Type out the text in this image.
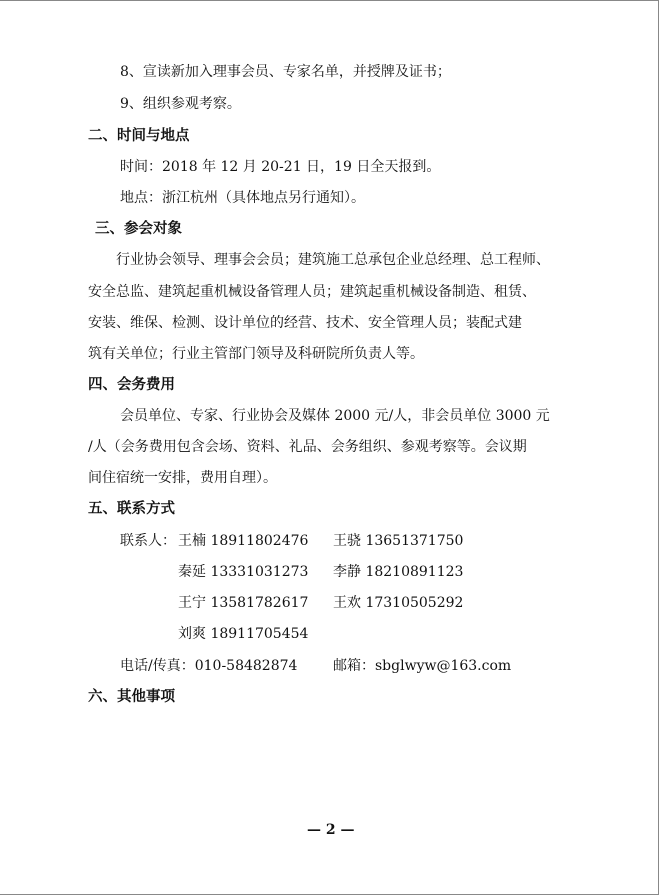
8、宣读新加入理事会员、专家名单，并授牌及证书；
9、组织参观考察。
二、时间与地点
时间：2018 年 12 月 20-21 日，19 日全天报到。
地点：浙江杭州（具体地点另行通知）。
三、参会对象
行业协会领导、理事会会员；建筑施工总承包企业总经理、总工程师、
安全总监、建筑起重机械设备管理人员；建筑起重机械设备制造、租赁、
安装、维保、检测、设计单位的经营、技术、安全管理人员；装配式建
筑有关单位；行业主管部门领导及科研院所负责人等。
四、会务费用
会员单位、专家、行业协会及媒体 2000 元/人，非会员单位 3000 元
/人（会务费用包含会场、资料、礼品、会务组织、参观考察等。会议期
间住宿统一安排，费用自理）。
五、联系方式
联系人： 王楠 18911802476 王骁 13651371750
秦延 13331031273 李静 18210891123
王宁 13581782617 王欢 17310505292
刘爽 18911705454
电话/传真：010-58482874	邮箱：sbglwyw@163.com
六、其他事项
— 2 —
